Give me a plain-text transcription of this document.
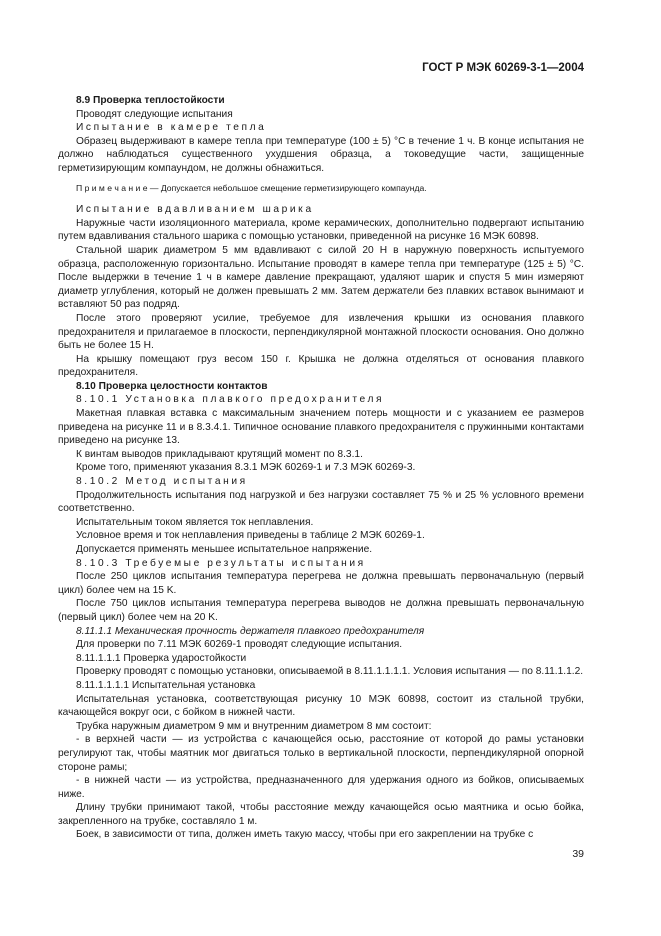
ГОСТ Р МЭК 60269-3-1—2004

8.9 Проверка теплостойкости

Проводят следующие испытания

Испытание в камере тепла

Образец выдерживают в камере тепла при температуре (100 ± 5) °С в течение 1 ч. В конце испытания не должно наблюдаться существенного ухудшения образца, а токоведущие части, защищенные герметизирующим компаундом, не должны обнажиться.

П р и м е ч а н и е — Допускается небольшое смещение герметизирующего компаунда.

Испытание вдавливанием шарика

Наружные части изоляционного материала, кроме керамических, дополнительно подвергают испытанию путем вдавливания стального шарика с помощью установки, приведенной на рисунке 16 МЭК 60898.

Стальной шарик диаметром 5 мм вдавливают с силой 20 Н в наружную поверхность испытуемого образца, расположенную горизонтально. Испытание проводят в камере тепла при температуре (125 ± 5) °С. После выдержки в течение 1 ч в камере давление прекращают, удаляют шарик и спустя 5 мин измеряют диаметр углубления, который не должен превышать 2 мм. Затем держатели без плавких вставок вынимают и вставляют 50 раз подряд.

После этого проверяют усилие, требуемое для извлечения крышки из основания плавкого предохранителя и прилагаемое в плоскости, перпендикулярной монтажной плоскости основания. Оно должно быть не более 15 Н.

На крышку помещают груз весом 150 г. Крышка не должна отделяться от основания плавкого предохранителя.

8.10 Проверка целостности контактов

8.10.1 Установка плавкого предохранителя

Макетная плавкая вставка с максимальным значением потерь мощности и с указанием ее размеров приведена на рисунке 11 и в 8.3.4.1. Типичное основание плавкого предохранителя с пружинными контактами приведено на рисунке 13.

К винтам выводов прикладывают крутящий момент по 8.3.1.

Кроме того, применяют указания 8.3.1 МЭК 60269-1 и 7.3 МЭК 60269-3.

8.10.2 Метод испытания

Продолжительность испытания под нагрузкой и без нагрузки составляет 75 % и 25 % условного времени соответственно.

Испытательным током является ток неплавления.

Условное время и ток неплавления приведены в таблице 2 МЭК 60269-1.

Допускается применять меньшее испытательное напряжение.

8.10.3 Требуемые результаты испытания

После 250 циклов испытания температура перегрева не должна превышать первоначальную (первый цикл) более чем на 15 K.

После 750 циклов испытания температура перегрева выводов не должна превышать первоначальную (первый цикл) более чем на 20 K.

8.11.1.1 Механическая прочность держателя плавкого предохранителя

Для проверки по 7.11 МЭК 60269-1 проводят следующие испытания.

8.11.1.1.1 Проверка ударостойкости

Проверку проводят с помощью установки, описываемой в 8.11.1.1.1.1. Условия испытания — по 8.11.1.1.2.

8.11.1.1.1.1 Испытательная установка

Испытательная установка, соответствующая рисунку 10 МЭК 60898, состоит из стальной трубки, качающейся вокруг оси, с бойком в нижней части.

Трубка наружным диаметром 9 мм и внутренним диаметром 8 мм состоит:

- в верхней части — из устройства с качающейся осью, расстояние от которой до рамы установки регулируют так, чтобы маятник мог двигаться только в вертикальной плоскости, перпендикулярной опорной стороне рамы;

- в нижней части — из устройства, предназначенного для удержания одного из бойков, описываемых ниже.

Длину трубки принимают такой, чтобы расстояние между качающейся осью маятника и осью бойка, закрепленного на трубке, составляло 1 м.

Боек, в зависимости от типа, должен иметь такую массу, чтобы при его закреплении на трубке с

39
